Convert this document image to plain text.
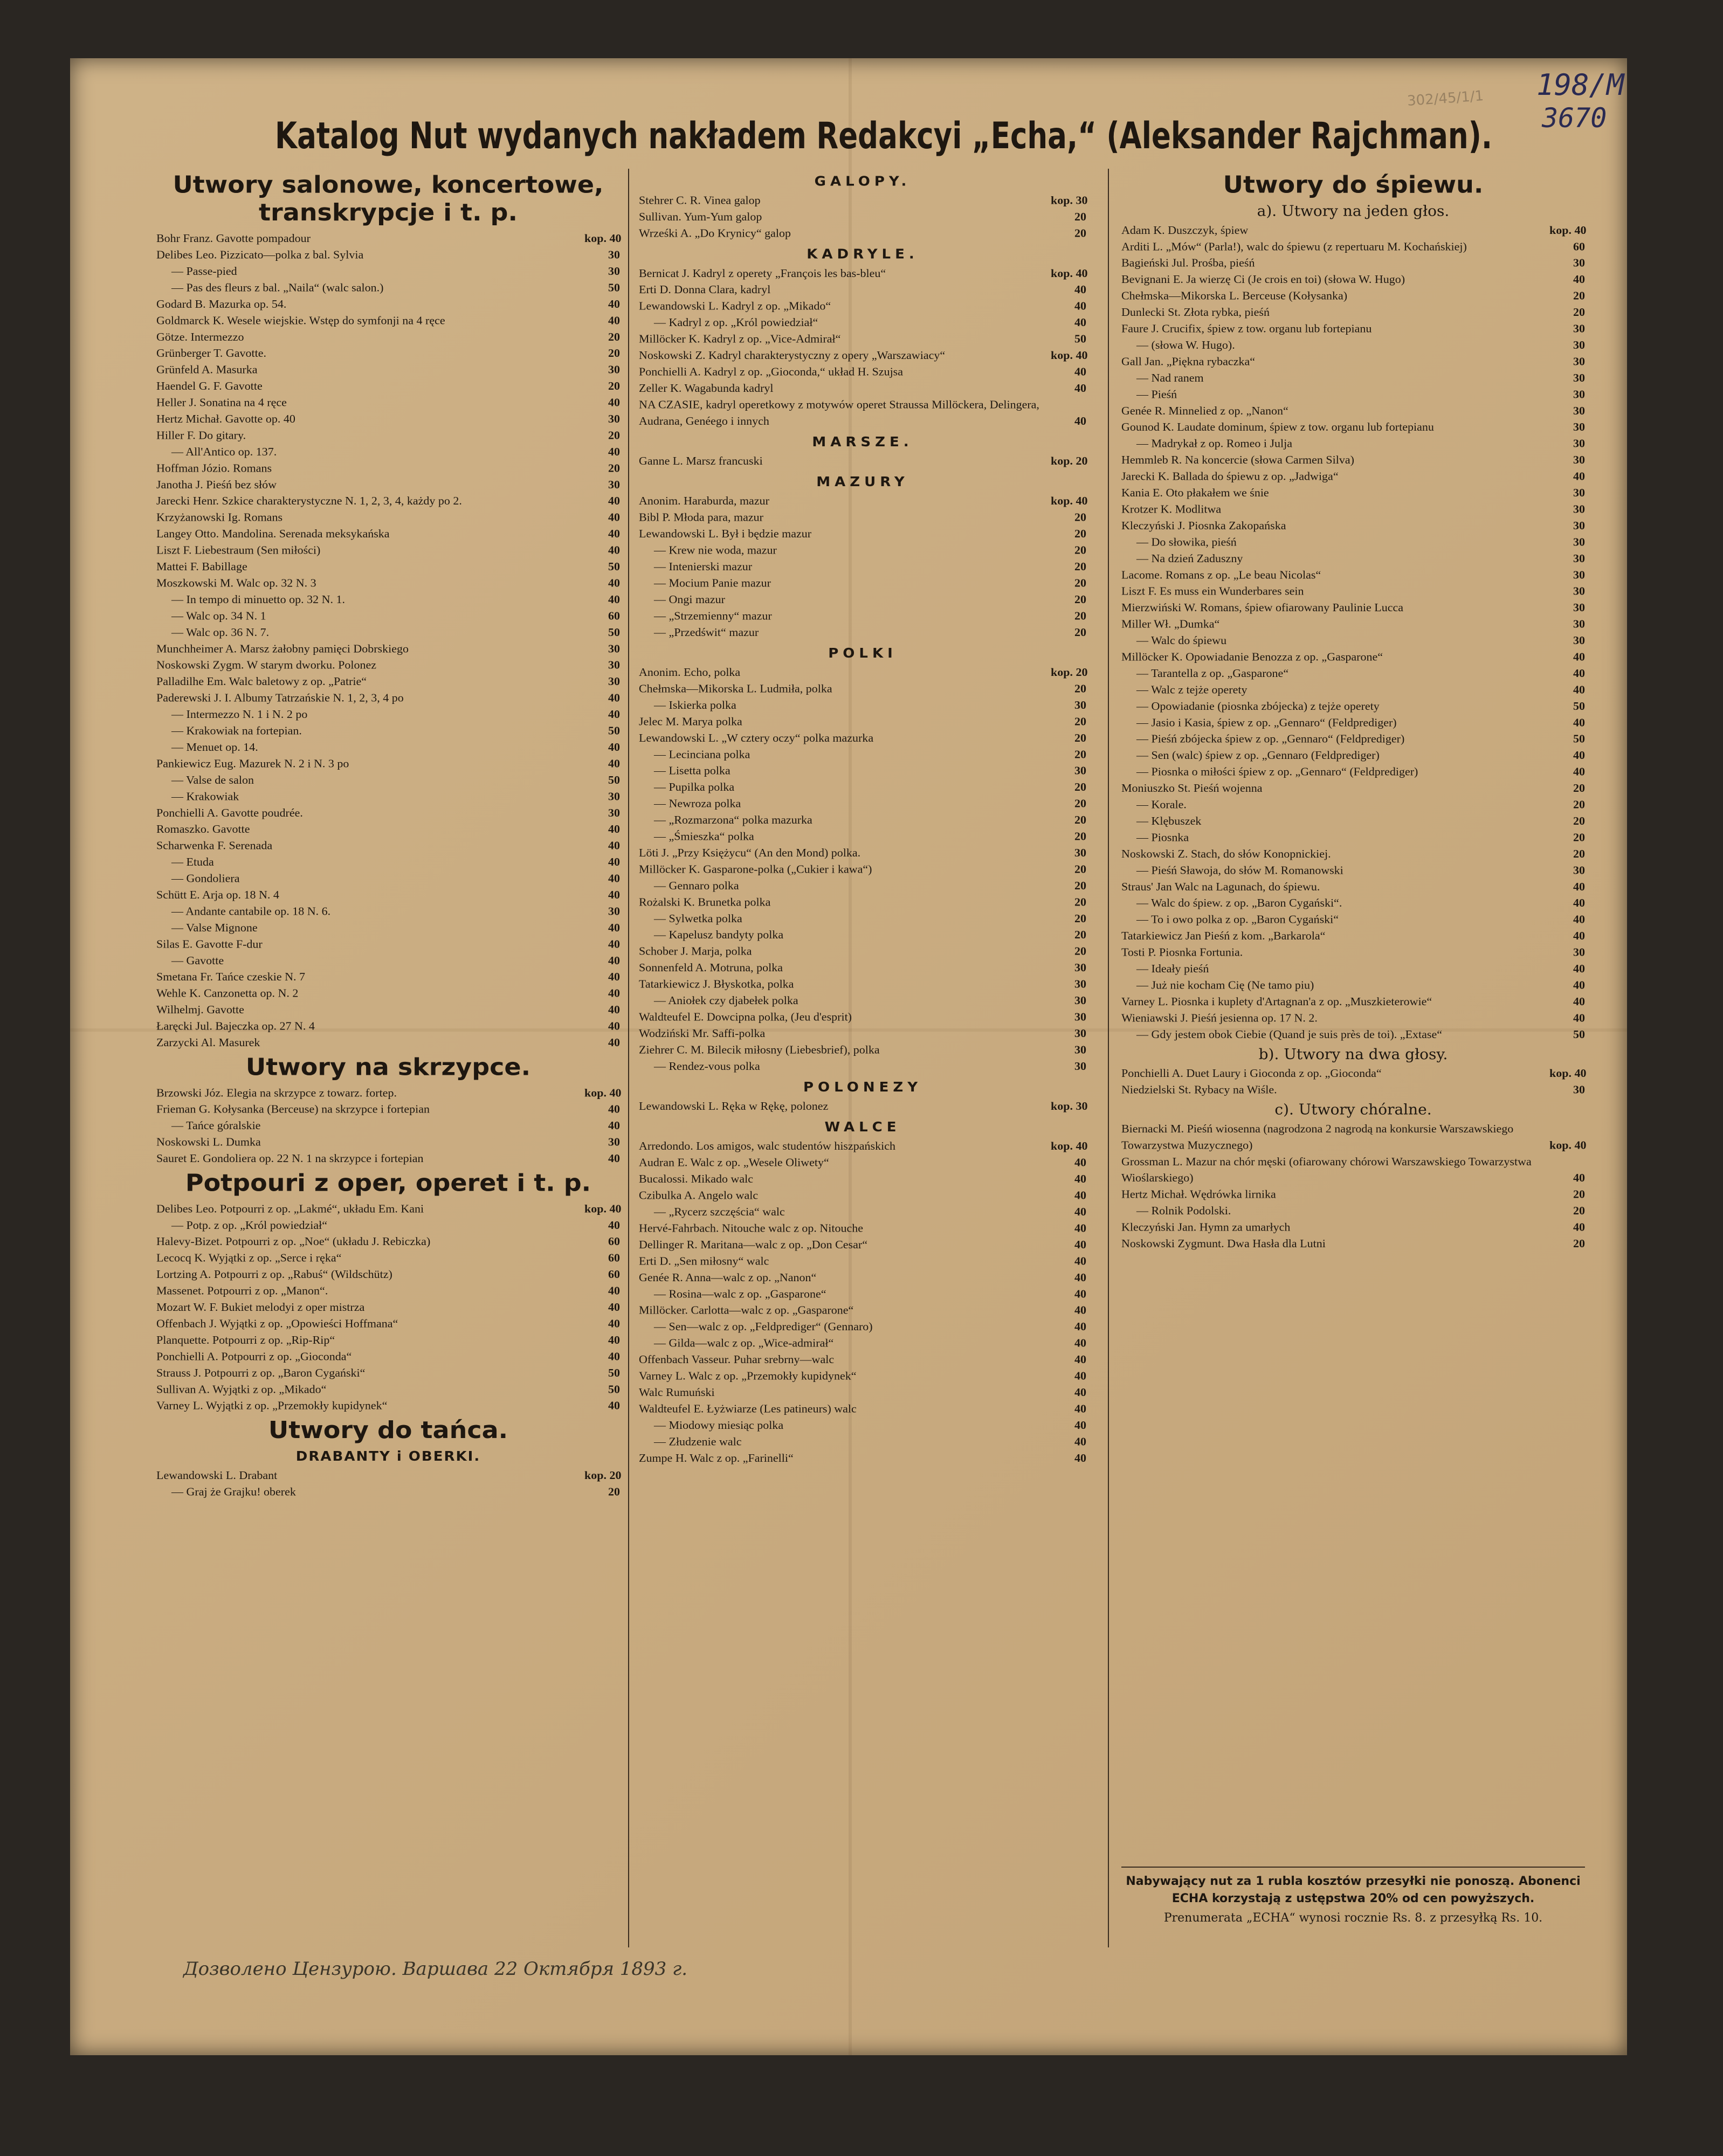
198/M
3670
302/45/1/1
Katalog Nut wydanych nakładem Redakcyi „Echa,“ (Aleksander Rajchman).
Utwory salonowe, koncertowe,
transkrypcje i t. p.
Bohr Franz. Gavotte pompadour	kop. 40
Delibes Leo. Pizzicato—polka z bal. Sylvia	30
— Passe-pied	30
— Pas des fleurs z bal. „Naila“ (walc salon.)	50
Godard B. Mazurka op. 54.	40
Goldmarck K. Wesele wiejskie. Wstęp do symfonji na 4 ręce	40
Götze. Intermezzo	20
Grünberger T. Gavotte.	20
Grünfeld A. Masurka	30
Haendel G. F. Gavotte	20
Heller J. Sonatina na 4 ręce	40
Hertz Michał. Gavotte op. 40	30
Hiller F. Do gitary.	20
— All'Antico op. 137.	40
Hoffman Józio. Romans	20
Janotha J. Pieśń bez słów	30
Jarecki Henr. Szkice charakterystyczne N. 1, 2, 3, 4, każdy po 2.	40
Krzyżanowski Ig. Romans	40
Langey Otto. Mandolina. Serenada meksykańska	40
Liszt F. Liebestraum (Sen miłości)	40
Mattei F. Babillage	50
Moszkowski M. Walc op. 32 N. 3	40
— In tempo di minuetto op. 32 N. 1.	40
— Walc op. 34 N. 1	60
— Walc op. 36 N. 7.	50
Munchheimer A. Marsz żałobny pamięci Dobrskiego	30
Noskowski Zygm. W starym dworku. Polonez	30
Palladilhe Em. Walc baletowy z op. „Patrie“	30
Paderewski J. I. Albumy Tatrzańskie N. 1, 2, 3, 4 po	40
— Intermezzo N. 1 i N. 2 po	40
— Krakowiak na fortepian.	50
— Menuet op. 14.	40
Pankiewicz Eug. Mazurek N. 2 i N. 3 po	40
— Valse de salon	50
— Krakowiak	30
Ponchielli A. Gavotte poudrée.	30
Romaszko. Gavotte	40
Scharwenka F. Serenada	40
— Etuda	40
— Gondoliera	40
Schütt E. Arja op. 18 N. 4	40
— Andante cantabile op. 18 N. 6.	30
— Valse Mignone	40
Silas E. Gavotte F-dur	40
— Gavotte	40
Smetana Fr. Tańce czeskie N. 7	40
Wehle K. Canzonetta op. N. 2	40
Wilhelmj. Gavotte	40
Łaręcki Jul. Bajeczka op. 27 N. 4	40
Zarzycki Al. Masurek	40
Utwory na skrzypce.
Brzowski Józ. Elegia na skrzypce z towarz. fortep.	kop. 40
Frieman G. Kołysanka (Berceuse) na skrzypce i fortepian	40
— Tańce góralskie	40
Noskowski L. Dumka	30
Sauret E. Gondoliera op. 22 N. 1 na skrzypce i fortepian	40
Potpouri z oper, operet i t. p.
Delibes Leo. Potpourri z op. „Lakmé“, układu Em. Kani	kop. 40
— Potp. z op. „Król powiedział“	40
Halevy-Bizet. Potpourri z op. „Noe“ (układu J. Rebiczka)	60
Lecocq K. Wyjątki z op. „Serce i ręka“	60
Lortzing A. Potpourri z op. „Rabuś“ (Wildschütz)	60
Massenet. Potpourri z op. „Manon“.	40
Mozart W. F. Bukiet melodyi z oper mistrza	40
Offenbach J. Wyjątki z op. „Opowieści Hoffmana“	40
Planquette. Potpourri z op. „Rip-Rip“	40
Ponchielli A. Potpourri z op. „Gioconda“	40
Strauss J. Potpourri z op. „Baron Cygański“	50
Sullivan A. Wyjątki z op. „Mikado“	50
Varney L. Wyjątki z op. „Przemokły kupidynek“	40
Utwory do tańca.
DRABANTY i OBERKI.
Lewandowski L. Drabant	kop. 20
— Graj że Grajku! oberek	20
GALOPY.
Stehrer C. R. Vinea galop	kop. 30
Sullivan. Yum-Yum galop	20
Wrześki A. „Do Krynicy“ galop	20
KADRYLE.
Bernicat J. Kadryl z operety „François les bas-bleu“	kop. 40
Erti D. Donna Clara, kadryl	40
Lewandowski L. Kadryl z op. „Mikado“	40
— Kadryl z op. „Król powiedział“	40
Millöcker K. Kadryl z op. „Vice-Admirał“	50
Noskowski Z. Kadryl charakterystyczny z opery „Warszawiacy“	kop. 40
Ponchielli A. Kadryl z op. „Gioconda,“ układ H. Szujsa	40
Zeller K. Wagabunda kadryl	40
NA CZASIE, kadryl operetkowy z motywów operet Straussa Millöckera, Delingera, Audrana, Genéego i innych	40
MARSZE.
Ganne L. Marsz francuski	kop. 20
MAZURY
Anonim. Haraburda, mazur	kop. 40
Bibl P. Młoda para, mazur	20
Lewandowski L. Był i będzie mazur	20
— Krew nie woda, mazur	20
— Intenierski mazur	20
— Mocium Panie mazur	20
— Ongi mazur	20
— „Strzemienny“ mazur	20
— „Przedświt“ mazur	20
POLKI
Anonim. Echo, polka	kop. 20
Chełmska—Mikorska L. Ludmiła, polka	20
— Iskierka polka	30
Jelec M. Marya polka	20
Lewandowski L. „W cztery oczy“ polka mazurka	20
— Lecinciana polka	20
— Lisetta polka	30
— Pupilka polka	20
— Newroza polka	20
— „Rozmarzona“ polka mazurka	20
— „Śmieszka“ polka	20
Löti J. „Przy Księżycu“ (An den Mond) polka.	30
Millöcker K. Gasparone-polka („Cukier i kawa“)	20
— Gennaro polka	20
Rożalski K. Brunetka polka	20
— Sylwetka polka	20
— Kapelusz bandyty polka	20
Schober J. Marja, polka	20
Sonnenfeld A. Motruna, polka	30
Tatarkiewicz J. Błyskotka, polka	30
— Aniołek czy djabełek polka	30
Waldteufel E. Dowcipna polka, (Jeu d'esprit)	30
Wodziński Mr. Saffi-polka	30
Ziehrer C. M. Bilecik miłosny (Liebesbrief), polka	30
— Rendez-vous polka	30
POLONEZY
Lewandowski L. Ręka w Rękę, polonez	kop. 30
WALCE
Arredondo. Los amigos, walc studentów hiszpańskich	kop. 40
Audran E. Walc z op. „Wesele Oliwety“	40
Bucalossi. Mikado walc	40
Czibulka A. Angelo walc	40
— „Rycerz szczęścia“ walc	40
Hervé-Fahrbach. Nitouche walc z op. Nitouche	40
Dellinger R. Maritana—walc z op. „Don Cesar“	40
Erti D. „Sen miłosny“ walc	40
Genée R. Anna—walc z op. „Nanon“	40
— Rosina—walc z op. „Gasparone“	40
Millöcker. Carlotta—walc z op. „Gasparone“	40
— Sen—walc z op. „Feldprediger“ (Gennaro)	40
— Gilda—walc z op. „Wice-admirał“	40
Offenbach Vasseur. Puhar srebrny—walc	40
Varney L. Walc z op. „Przemokły kupidynek“	40
Walc Rumuński	40
Waldteufel E. Łyżwiarze (Les patineurs) walc	40
— Miodowy miesiąc polka	40
— Złudzenie walc	40
Zumpe H. Walc z op. „Farinelli“	40
Utwory do śpiewu.
a). Utwory na jeden głos.
Adam K. Duszczyk, śpiew	kop. 40
Arditi L. „Mów“ (Parla!), walc do śpiewu (z repertuaru M. Kochańskiej)	60
Bagieński Jul. Prośba, pieśń	30
Bevignani E. Ja wierzę Ci (Je crois en toi) (słowa W. Hugo)	40
Chełmska—Mikorska L. Berceuse (Kołysanka)	20
Dunlecki St. Złota rybka, pieśń	20
Faure J. Crucifix, śpiew z tow. organu lub fortepianu	30
— (słowa W. Hugo).	30
Gall Jan. „Piękna rybaczka“	30
— Nad ranem	30
— Pieśń	30
Genée R. Minnelied z op. „Nanon“	30
Gounod K. Laudate dominum, śpiew z tow. organu lub fortepianu	30
— Madrykał z op. Romeo i Julja	30
Hemmleb R. Na koncercie (słowa Carmen Silva)	30
Jarecki K. Ballada do śpiewu z op. „Jadwiga“	40
Kania E. Oto płakałem we śnie	30
Krotzer K. Modlitwa	30
Kleczyński J. Piosnka Zakopańska	30
— Do słowika, pieśń	30
— Na dzień Zaduszny	30
Lacome. Romans z op. „Le beau Nicolas“	30
Liszt F. Es muss ein Wunderbares sein	30
Mierzwiński W. Romans, śpiew ofiarowany Paulinie Lucca	30
Miller Wł. „Dumka“	30
— Walc do śpiewu	30
Millöcker K. Opowiadanie Benozza z op. „Gasparone“	40
— Tarantella z op. „Gasparone“	40
— Walc z tejże operety	40
— Opowiadanie (piosnka zbójecka) z tejże operety	50
— Jasio i Kasia, śpiew z op. „Gennaro“ (Feldprediger)	40
— Pieśń zbójecka śpiew z op. „Gennaro“ (Feldprediger)	50
— Sen (walc) śpiew z op. „Gennaro (Feldprediger)	40
— Piosnka o miłości śpiew z op. „Gennaro“ (Feldprediger)	40
Moniuszko St. Pieśń wojenna	20
— Korale.	20
— Klębuszek	20
— Piosnka	20
Noskowski Z. Stach, do słów Konopnickiej.	20
— Pieśń Sławoja, do słów M. Romanowski	30
Straus' Jan Walc na Lagunach, do śpiewu.	40
— Walc do śpiew. z op. „Baron Cygański“.	40
— To i owo polka z op. „Baron Cygański“	40
Tatarkiewicz Jan Pieśń z kom. „Barkarola“	40
Tosti P. Piosnka Fortunia.	30
— Ideały pieśń	40
— Już nie kocham Cię (Ne tamo piu)	40
Varney L. Piosnka i kuplety d'Artagnan'a z op. „Muszkieterowie“	40
Wieniawski J. Pieśń jesienna op. 17 N. 2.	40
— Gdy jestem obok Ciebie (Quand je suis près de toi). „Extase“	50
b). Utwory na dwa głosy.
Ponchielli A. Duet Laury i Gioconda z op. „Gioconda“	kop. 40
Niedzielski St. Rybacy na Wiśle.	30
c). Utwory chóralne.
Biernacki M. Pieśń wiosenna (nagrodzona 2 nagrodą na konkursie Warszawskiego Towarzystwa Muzycznego)	kop. 40
Grossman L. Mazur na chór męski (ofiarowany chórowi Warszawskiego Towarzystwa Wioślarskiego)	40
Hertz Michał. Wędrówka lirnika	20
— Rolnik Podolski.	20
Kleczyński Jan. Hymn za umarłych	40
Noskowski Zygmunt. Dwa Hasła dla Lutni	20
Nabywający nut za 1 rubla kosztów przesyłki nie ponoszą. Abonenci ECHA korzystają z ustępstwa 20% od cen powyższych.
Prenumerata „ECHA“ wynosi rocznie Rs. 8. z przesyłką Rs. 10.
Дозволено Цензурою. Варшава 22 Октября 1893 г.
